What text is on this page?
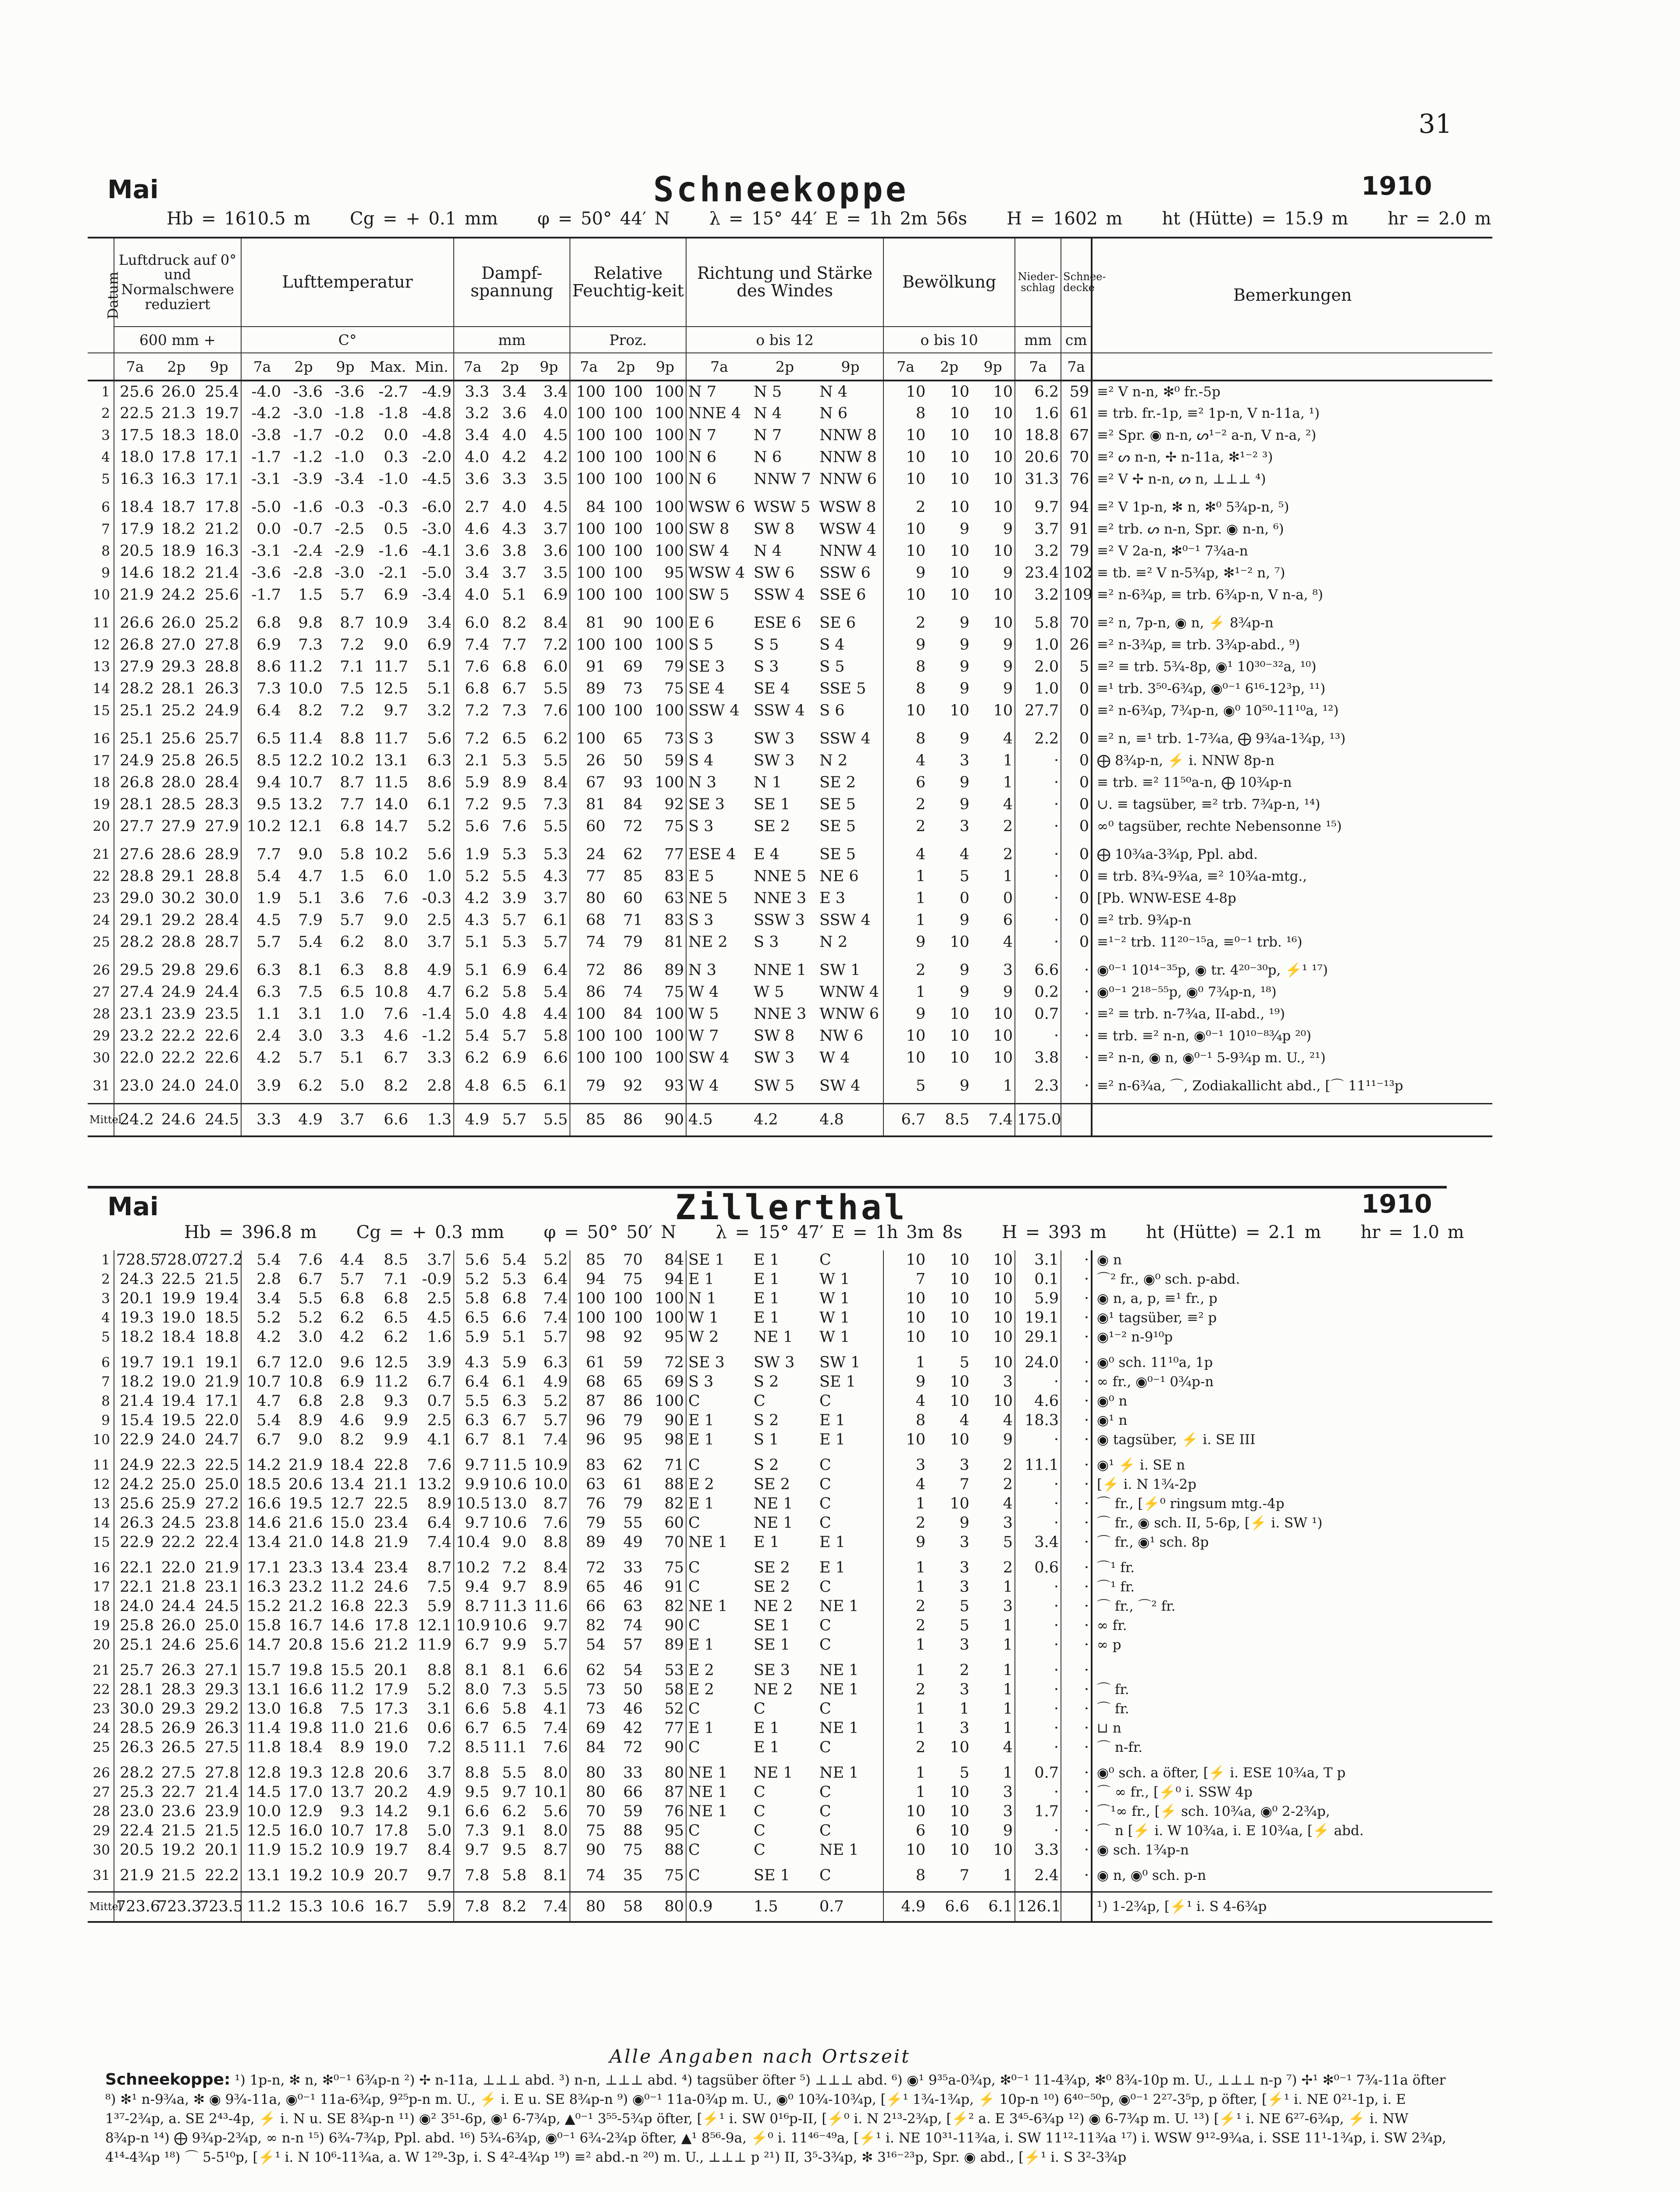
31
Mai	Schneekoppe	1910
Hb = 1610.5 m Cg = + 0.1 mm φ = 50° 44′ N λ = 15° 44′ E = 1h 2m 56s H = 1602 m ht (Hütte) = 15.9 m hr = 2.0 m
Datum	Luftdruck auf 0° und Normalschwere reduziert			Lufttemperatur					Dampf-spannung			Relative Feuchtig-keit			Richtung und Stärke des Windes			Bewölkung			Nieder-schlag	Schnee-decke	Bemerkungen
	600 mm +			C°					mm			Proz.			o bis 12			o bis 10			mm	cm	
	7a	2p	9p	7a	2p	9p	Max.	Min.	7a	2p	9p	7a	2p	9p	7a	2p	9p	7a	2p	9p	7a	7a	
1	25.6	26.0	25.4	-4.0	-3.6	-3.6	-2.7	-4.9	3.3	3.4	3.4	100	100	100	N 7	N 5	N 4	10	10	10	6.2	59	≡² V n-n, ✻⁰ fr.-5p
2	22.5	21.3	19.7	-4.2	-3.0	-1.8	-1.8	-4.8	3.2	3.6	4.0	100	100	100	NNE 4	N 4	N 6	8	10	10	1.6	61	≡ trb. fr.-1p, ≡² 1p-n, V n-11a, ¹)
3	17.5	18.3	18.0	-3.8	-1.7	-0.2	0.0	-4.8	3.4	4.0	4.5	100	100	100	N 7	N 7	NNW 8	10	10	10	18.8	67	≡² Spr. ◉ n-n, ᔕ¹⁻² a-n, V n-a, ²)
4	18.0	17.8	17.1	-1.7	-1.2	-1.0	0.3	-2.0	4.0	4.2	4.2	100	100	100	N 6	N 6	NNW 8	10	10	10	20.6	70	≡² ᔕ n-n, ✢ n-11a, ✻¹⁻² ³)
5	16.3	16.3	17.1	-3.1	-3.9	-3.4	-1.0	-4.5	3.6	3.3	3.5	100	100	100	N 6	NNW 7	NNW 6	10	10	10	31.3	76	≡² V ✢ n-n, ᔕ n, ⊥⊥⊥ ⁴)

6	18.4	18.7	17.8	-5.0	-1.6	-0.3	-0.3	-6.0	2.7	4.0	4.5	84	100	100	WSW 6	WSW 5	WSW 8	2	10	10	9.7	94	≡² V 1p-n, ✻ n, ✻⁰ 5¾p-n, ⁵)
7	17.9	18.2	21.2	0.0	-0.7	-2.5	0.5	-3.0	4.6	4.3	3.7	100	100	100	SW 8	SW 8	WSW 4	10	9	9	3.7	91	≡² trb. ᔕ n-n, Spr. ◉ n-n, ⁶)
8	20.5	18.9	16.3	-3.1	-2.4	-2.9	-1.6	-4.1	3.6	3.8	3.6	100	100	100	SW 4	N 4	NNW 4	10	10	10	3.2	79	≡² V 2a-n, ✻⁰⁻¹ 7¾a-n
9	14.6	18.2	21.4	-3.6	-2.8	-3.0	-2.1	-5.0	3.4	3.7	3.5	100	100	95	WSW 4	SW 6	SSW 6	9	10	9	23.4	102	≡ tb. ≡² V n-5¾p, ✻¹⁻² n, ⁷)
10	21.9	24.2	25.6	-1.7	1.5	5.7	6.9	-3.4	4.0	5.1	6.9	100	100	100	SW 5	SSW 4	SSE 6	10	10	10	3.2	109	≡² n-6¾p, ≡ trb. 6¾p-n, V n-a, ⁸)

11	26.6	26.0	25.2	6.8	9.8	8.7	10.9	3.4	6.0	8.2	8.4	81	90	100	E 6	ESE 6	SE 6	2	9	10	5.8	70	≡² n, 7p-n, ◉ n, ⚡ 8¾p-n
12	26.8	27.0	27.8	6.9	7.3	7.2	9.0	6.9	7.4	7.7	7.2	100	100	100	S 5	S 5	S 4	9	9	9	1.0	26	≡² n-3¾p, ≡ trb. 3¾p-abd., ⁹)
13	27.9	29.3	28.8	8.6	11.2	7.1	11.7	5.1	7.6	6.8	6.0	91	69	79	SE 3	S 3	S 5	8	9	9	2.0	5	≡² ≡ trb. 5¾-8p, ◉¹ 10³⁰⁻³²a, ¹⁰)
14	28.2	28.1	26.3	7.3	10.0	7.5	12.5	5.1	6.8	6.7	5.5	89	73	75	SE 4	SE 4	SSE 5	8	9	9	1.0	0	≡¹ trb. 3⁵⁰-6¾p, ◉⁰⁻¹ 6¹⁶-12³p, ¹¹)
15	25.1	25.2	24.9	6.4	8.2	7.2	9.7	3.2	7.2	7.3	7.6	100	100	100	SSW 4	SSW 4	S 6	10	10	10	27.7	0	≡² n-6¾p, 7¾p-n, ◉⁰ 10⁵⁰-11¹⁰a, ¹²)

16	25.1	25.6	25.7	6.5	11.4	8.8	11.7	5.6	7.2	6.5	6.2	100	65	73	S 3	SW 3	SSW 4	8	9	4	2.2	0	≡² n, ≡¹ trb. 1-7¾a, ⨁ 9¾a-1¾p, ¹³)
17	24.9	25.8	26.5	8.5	12.2	10.2	13.1	6.3	2.1	5.3	5.5	26	50	59	S 4	SW 3	N 2	4	3	1	·	0	⨁ 8¾p-n, ⚡ i. NNW 8p-n
18	26.8	28.0	28.4	9.4	10.7	8.7	11.5	8.6	5.9	8.9	8.4	67	93	100	N 3	N 1	SE 2	6	9	1	·	0	≡ trb. ≡² 11⁵⁰a-n, ⨁ 10¾p-n
19	28.1	28.5	28.3	9.5	13.2	7.7	14.0	6.1	7.2	9.5	7.3	81	84	92	SE 3	SE 1	SE 5	2	9	4	·	0	∪. ≡ tagsüber, ≡² trb. 7¾p-n, ¹⁴)
20	27.7	27.9	27.9	10.2	12.1	6.8	14.7	5.2	5.6	7.6	5.5	60	72	75	S 3	SE 2	SE 5	2	3	2	·	0	∞⁰ tagsüber, rechte Nebensonne ¹⁵)

21	27.6	28.6	28.9	7.7	9.0	5.8	10.2	5.6	1.9	5.3	5.3	24	62	77	ESE 4	E 4	SE 5	4	4	2	·	0	⨁ 10¾a-3¾p, Ppl. abd.
22	28.8	29.1	28.8	5.4	4.7	1.5	6.0	1.0	5.2	5.5	4.3	77	85	83	E 5	NNE 5	NE 6	1	5	1	·	0	≡ trb. 8¾-9¾a, ≡² 10¾a-mtg.,
23	29.0	30.2	30.0	1.9	5.1	3.6	7.6	-0.3	4.2	3.9	3.7	80	60	63	NE 5	NNE 3	E 3	1	0	0	·	0	[Pb. WNW-ESE 4-8p
24	29.1	29.2	28.4	4.5	7.9	5.7	9.0	2.5	4.3	5.7	6.1	68	71	83	S 3	SSW 3	SSW 4	1	9	6	·	0	≡² trb. 9¾p-n
25	28.2	28.8	28.7	5.7	5.4	6.2	8.0	3.7	5.1	5.3	5.7	74	79	81	NE 2	S 3	N 2	9	10	4	·	0	≡¹⁻² trb. 11²⁰⁻¹⁵a, ≡⁰⁻¹ trb. ¹⁶)

26	29.5	29.8	29.6	6.3	8.1	6.3	8.8	4.9	5.1	6.9	6.4	72	86	89	N 3	NNE 1	SW 1	2	9	3	6.6	·	◉⁰⁻¹ 10¹⁴⁻³⁵p, ◉ tr. 4²⁰⁻³⁰p, ⚡¹ ¹⁷)
27	27.4	24.9	24.4	6.3	7.5	6.5	10.8	4.7	6.2	5.8	5.4	86	74	75	W 4	W 5	WNW 4	1	9	9	0.2	·	◉⁰⁻¹ 2¹⁸⁻⁵⁵p, ◉⁰ 7¾p-n, ¹⁸)
28	23.1	23.9	23.5	1.1	3.1	1.0	7.6	-1.4	5.0	4.8	4.4	100	84	100	W 5	NNE 3	WNW 6	9	10	10	0.7	·	≡² ≡ trb. n-7¾a, II-abd., ¹⁹)
29	23.2	22.2	22.6	2.4	3.0	3.3	4.6	-1.2	5.4	5.7	5.8	100	100	100	W 7	SW 8	NW 6	10	10	10	·	·	≡ trb. ≡² n-n, ◉⁰⁻¹ 10¹⁰⁻⁸¾p ²⁰)
30	22.0	22.2	22.6	4.2	5.7	5.1	6.7	3.3	6.2	6.9	6.6	100	100	100	SW 4	SW 3	W 4	10	10	10	3.8	·	≡² n-n, ◉ n, ◉⁰⁻¹ 5-9¾p m. U., ²¹)

31	23.0	24.0	24.0	3.9	6.2	5.0	8.2	2.8	4.8	6.5	6.1	79	92	93	W 4	SW 5	SW 4	5	9	1	2.3	·	≡² n-6¾a, ⌒, Zodiakallicht abd., [⌒ 11¹¹⁻¹³p

Mittel	24.2	24.6	24.5	3.3	4.9	3.7	6.6	1.3	4.9	5.7	5.5	85	86	90	4.5	4.2	4.8	6.7	8.5	7.4	175.0		
Mai	Zillerthal	1910
Hb = 396.8 m Cg = + 0.3 mm φ = 50° 50′ N λ = 15° 47′ E = 1h 3m 8s H = 393 m ht (Hütte) = 2.1 m hr = 1.0 m
1	728.5	728.0	727.2	5.4	7.6	4.4	8.5	3.7	5.6	5.4	5.2	85	70	84	SE 1	E 1	C	10	10	10	3.1	·	◉ n
2	24.3	22.5	21.5	2.8	6.7	5.7	7.1	-0.9	5.2	5.3	6.4	94	75	94	E 1	E 1	W 1	7	10	10	0.1	·	⌒² fr., ◉⁰ sch. p-abd.
3	20.1	19.9	19.4	3.4	5.5	6.8	6.8	2.5	5.8	6.8	7.4	100	100	100	N 1	E 1	W 1	10	10	10	5.9	·	◉ n, a, p, ≡¹ fr., p
4	19.3	19.0	18.5	5.2	5.2	6.2	6.5	4.5	6.5	6.6	7.4	100	100	100	W 1	E 1	W 1	10	10	10	19.1	·	◉¹ tagsüber, ≡² p
5	18.2	18.4	18.8	4.2	3.0	4.2	6.2	1.6	5.9	5.1	5.7	98	92	95	W 2	NE 1	W 1	10	10	10	29.1	·	◉¹⁻² n-9¹⁰p

6	19.7	19.1	19.1	6.7	12.0	9.6	12.5	3.9	4.3	5.9	6.3	61	59	72	SE 3	SW 3	SW 1	1	5	10	24.0	·	◉⁰ sch. 11¹⁰a, 1p
7	18.2	19.0	21.9	10.7	10.8	6.9	11.2	6.7	6.4	6.1	4.9	68	65	69	S 3	S 2	SE 1	9	10	3	·	·	∞ fr., ◉⁰⁻¹ 0¾p-n
8	21.4	19.4	17.1	4.7	6.8	2.8	9.3	0.7	5.5	6.3	5.2	87	86	100	C	C	C	4	10	10	4.6	·	◉⁰ n
9	15.4	19.5	22.0	5.4	8.9	4.6	9.9	2.5	6.3	6.7	5.7	96	79	90	E 1	S 2	E 1	8	4	4	18.3	·	◉¹ n
10	22.9	24.0	24.7	6.7	9.0	8.2	9.9	4.1	6.7	8.1	7.4	96	95	98	E 1	S 1	E 1	10	10	9	·	·	◉ tagsüber, ⚡ i. SE III

11	24.9	22.3	22.5	14.2	21.9	18.4	22.8	7.6	9.7	11.5	10.9	83	62	71	C	S 2	C	3	3	2	11.1	·	◉¹ ⚡ i. SE n
12	24.2	25.0	25.0	18.5	20.6	13.4	21.1	13.2	9.9	10.6	10.0	63	61	88	E 2	SE 2	C	4	7	2	·	·	[⚡ i. N 1¾-2p
13	25.6	25.9	27.2	16.6	19.5	12.7	22.5	8.9	10.5	13.0	8.7	76	79	82	E 1	NE 1	C	1	10	4	·	·	⌒ fr., [⚡⁰ ringsum mtg.-4p
14	26.3	24.5	23.8	14.6	21.6	15.0	23.4	6.4	9.7	10.6	7.6	79	55	60	C	NE 1	C	2	9	3	·	·	⌒ fr., ◉ sch. II, 5-6p, [⚡ i. SW ¹)
15	22.9	22.2	22.4	13.4	21.0	14.8	21.9	7.4	10.4	9.0	8.8	89	49	70	NE 1	E 1	E 1	9	3	5	3.4	·	⌒ fr., ◉¹ sch. 8p

16	22.1	22.0	21.9	17.1	23.3	13.4	23.4	8.7	10.2	7.2	8.4	72	33	75	C	SE 2	E 1	1	3	2	0.6	·	⌒¹ fr.
17	22.1	21.8	23.1	16.3	23.2	11.2	24.6	7.5	9.4	9.7	8.9	65	46	91	C	SE 2	C	1	3	1	·	·	⌒¹ fr.
18	24.0	24.4	24.5	15.2	21.2	16.8	22.3	5.9	8.7	11.3	11.6	66	63	82	NE 1	NE 2	NE 1	2	5	3	·	·	⌒ fr., ⌒² fr.
19	25.8	26.0	25.0	15.8	16.7	14.6	17.8	12.1	10.9	10.6	9.7	82	74	90	C	SE 1	C	2	5	1	·	·	∞ fr.
20	25.1	24.6	25.6	14.7	20.8	15.6	21.2	11.9	6.7	9.9	5.7	54	57	89	E 1	SE 1	C	1	3	1	·	·	∞ p

21	25.7	26.3	27.1	15.7	19.8	15.5	20.1	8.8	8.1	8.1	6.6	62	54	53	E 2	SE 3	NE 1	1	2	1	·	·	
22	28.1	28.3	29.3	13.1	16.6	11.2	17.9	5.2	8.0	7.3	5.5	73	50	58	E 2	NE 2	NE 1	2	3	1	·	·	⌒ fr.
23	30.0	29.3	29.2	13.0	16.8	7.5	17.3	3.1	6.6	5.8	4.1	73	46	52	C	C	C	1	1	1	·	·	⌒ fr.
24	28.5	26.9	26.3	11.4	19.8	11.0	21.6	0.6	6.7	6.5	7.4	69	42	77	E 1	E 1	NE 1	1	3	1	·	·	⊔ n
25	26.3	26.5	27.5	11.8	18.4	8.9	19.0	7.2	8.5	11.1	7.6	84	72	90	C	E 1	C	2	10	4	·	·	⌒ n-fr.

26	28.2	27.5	27.8	12.8	19.3	12.8	20.6	3.7	8.8	5.5	8.0	80	33	80	NE 1	NE 1	NE 1	1	5	1	0.7	·	◉⁰ sch. a öfter, [⚡ i. ESE 10¾a, T p
27	25.3	22.7	21.4	14.5	17.0	13.7	20.2	4.9	9.5	9.7	10.1	80	66	87	NE 1	C	C	1	10	3	·	·	⌒ ∞ fr., [⚡⁰ i. SSW 4p
28	23.0	23.6	23.9	10.0	12.9	9.3	14.2	9.1	6.6	6.2	5.6	70	59	76	NE 1	C	C	10	10	3	1.7	·	⌒¹∞ fr., [⚡ sch. 10¾a, ◉⁰ 2-2¾p,
29	22.4	21.5	21.5	12.5	16.0	10.7	17.8	5.0	7.3	9.1	8.0	75	88	95	C	C	C	6	10	9	·	·	⌒ n [⚡ i. W 10¾a, i. E 10¾a, [⚡ abd.
30	20.5	19.2	20.1	11.9	15.2	10.9	19.7	8.4	9.7	9.5	8.7	90	75	88	C	C	NE 1	10	10	10	3.3	·	◉ sch. 1¾p-n

31	21.9	21.5	22.2	13.1	19.2	10.9	20.7	9.7	7.8	5.8	8.1	74	35	75	C	SE 1	C	8	7	1	2.4	·	◉ n, ◉⁰ sch. p-n

Mittel	723.6	723.3	723.5	11.2	15.3	10.6	16.7	5.9	7.8	8.2	7.4	80	58	80	0.9	1.5	0.7	4.9	6.6	6.1	126.1		¹) 1-2¾p, [⚡¹ i. S 4-6¾p
Alle Angaben nach Ortszeit
Schneekoppe: ¹) 1p-n, ✻ n, ✻⁰⁻¹ 6¾p-n ²) ✢ n-11a, ⊥⊥⊥ abd. ³) n-n, ⊥⊥⊥ abd. ⁴) tagsüber öfter ⁵) ⊥⊥⊥ abd. ⁶) ◉¹ 9³⁵a-0¾p, ✻⁰⁻¹ 11-4¾p, ✻⁰ 8¾-10p m. U., ⊥⊥⊥ n-p ⁷) ✢¹ ✻⁰⁻¹ 7¾-11a öfter ⁸) ✻¹ n-9¾a, ✻ ◉ 9¾-11a, ◉⁰⁻¹ 11a-6¾p, 9²⁵p-n m. U., ⚡ i. E u. SE 8¾p-n ⁹) ◉⁰⁻¹ 11a-0¾p m. U., ◉⁰ 10¾-10¾p, [⚡¹ 1¾-1¾p, ⚡ 10p-n ¹⁰) 6⁴⁰⁻⁵⁰p, ◉⁰⁻¹ 2²⁷-3⁵p, p öfter, [⚡¹ i. NE 0²¹-1p, i. E 1³⁷-2¾p, a. SE 2⁴³-4p, ⚡ i. N u. SE 8¾p-n ¹¹) ◉² 3⁵¹-6p, ◉¹ 6-7¾p, ▲⁰⁻¹ 3⁵⁵-5¾p öfter, [⚡¹ i. SW 0¹⁶p-II, [⚡⁰ i. N 2¹³-2¾p, [⚡² a. E 3⁴⁵-6¾p ¹²) ◉ 6-7¾p m. U. ¹³) [⚡¹ i. NE 6²⁷-6¾p, ⚡ i. NW 8¾p-n ¹⁴) ⨁ 9¾p-2¾p, ∞ n-n ¹⁵) 6¾-7¾p, Ppl. abd. ¹⁶) 5¾-6¾p, ◉⁰⁻¹ 6¾-2¾p öfter, ▲¹ 8⁵⁶-9a, ⚡⁰ i. 11⁴⁶⁻⁴⁹a, [⚡¹ i. NE 10³¹-11¾a, i. SW 11¹²-11¾a ¹⁷) i. WSW 9¹²-9¾a, i. SSE 11¹-1¾p, i. SW 2¾p, 4¹⁴-4¾p ¹⁸) ⌒ 5-5¹⁰p, [⚡¹ i. N 10⁶-11¾a, a. W 1²⁹-3p, i. S 4²-4¾p ¹⁹) ≡² abd.-n ²⁰) m. U., ⊥⊥⊥ p ²¹) II, 3⁵-3¾p, ✻ 3¹⁶⁻²³p, Spr. ◉ abd., [⚡¹ i. S 3²-3¾p
